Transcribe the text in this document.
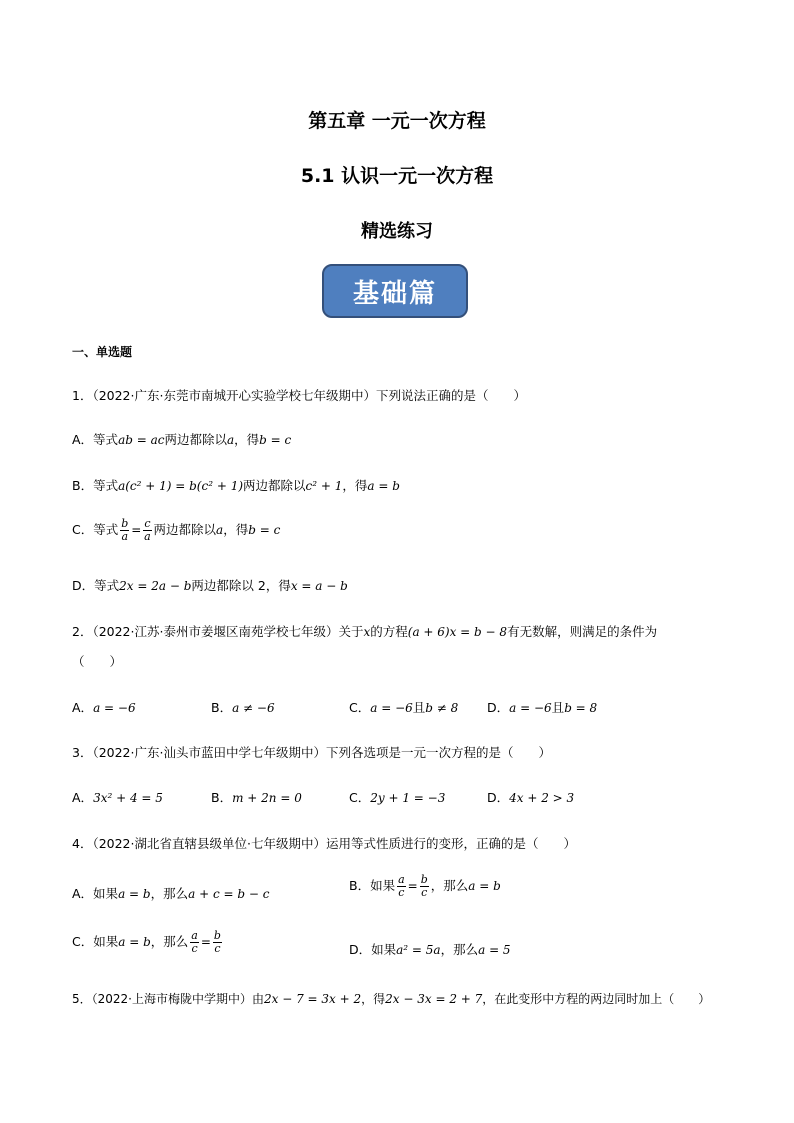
第五章 一元一次方程
5.1 认识一元一次方程
精选练习
基础篇
一、单选题
1．（2022·广东·东莞市南城开心实验学校七年级期中）下列说法正确的是（　　）
A．等式ab = ac两边都除以a，得b = c
B．等式a(c² + 1) = b(c² + 1)两边都除以c² + 1，得a = b
C．等式 $\frac{b}{a} = \frac{c}{a}$ 两边都除以a，得b = c
D．等式2x = 2a − b两边都除以 2，得x = a − b
2．（2022·江苏·泰州市姜堰区南苑学校七年级）关于x的方程(a + 6)x = b − 8有无数解，则满足的条件为
（　　）
A．a = −6	B．a ≠ −6	C．a = −6且b ≠ 8 D．a = −6且b = 8
3．（2022·广东·汕头市蓝田中学七年级期中）下列各选项是一元一次方程的是（　　）
A．3x² + 4 = 5	B．m + 2n = 0	C．2y + 1 = −3	D．4x + 2 > 3
4．（2022·湖北省直辖县级单位·七年级期中）运用等式性质进行的变形，正确的是（　　）
A．如果a = b，那么a + c = b − c
B．如果 $\frac{a}{c} = \frac{b}{c}$ ，那么a = b
C．如果a = b，那么 $\frac{a}{c} = \frac{b}{c}$	D．如果a² = 5a，那么a = 5
5．（2022·上海市梅陇中学期中）由2x − 7 = 3x + 2，得2x − 3x = 2 + 7，在此变形中方程的两边同时加上（　　）
